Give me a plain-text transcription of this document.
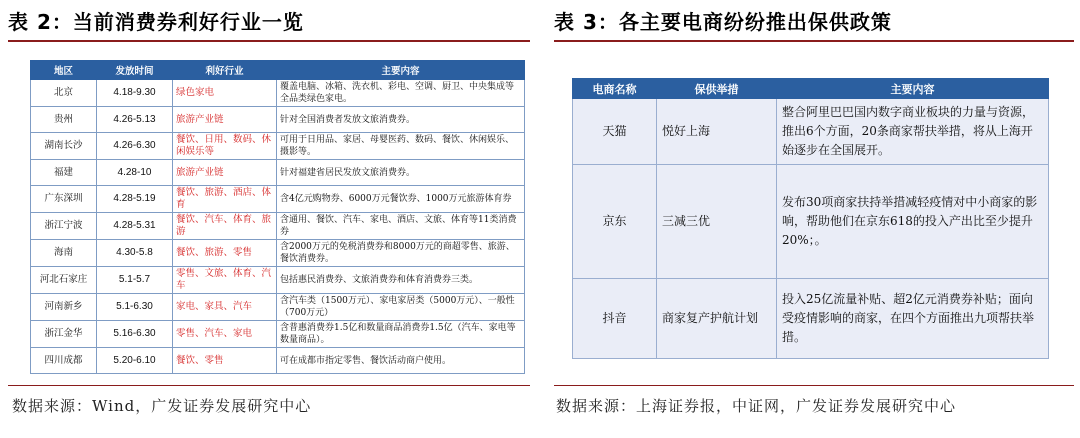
表 2：当前消费券利好行业一览
地区	发放时间	利好行业	主要内容
北京	4.18-9.30	绿色家电	覆盖电脑、冰箱、洗衣机、彩电、空调、厨卫、中央集成等全品类绿色家电。
贵州	4.26-5.13	旅游产业链	针对全国消费者发放文旅消费券。
湖南长沙	4.26-6.30	餐饮、日用、数码、休闲娱乐等	可用于日用品、家居、母婴医药、数码、餐饮、休闲娱乐、摄影等。
福建	4.28-10	旅游产业链	针对福建省居民发放文旅消费券。
广东深圳	4.28-5.19	餐饮、旅游、酒店、体育	含4亿元购物券、6000万元餐饮券、1000万元旅游体育券
浙江宁波	4.28-5.31	餐饮、汽车、体育、旅游	含通用、餐饮、汽车、家电、酒店、文旅、体育等11类消费券
海南	4.30-5.8	餐饮、旅游、零售	含2000万元的免税消费券和8000万元的商超零售、旅游、餐饮消费券。
河北石家庄	5.1-5.7	零售、文旅、体育、汽车	包括惠民消费券、文旅消费券和体育消费券三类。
河南新乡	5.1-6.30	家电、家具、汽车	含汽车类（1500万元）、家电家居类（5000万元）、一般性（700万元）
浙江金华	5.16-6.30	零售、汽车、家电	含普惠消费券1.5亿和数量商品消费券1.5亿（汽车、家电等数量商品）。
四川成都	5.20-6.10	餐饮、零售	可在成都市指定零售、餐饮活动商户使用。
数据来源：Wind，广发证券发展研究中心
表 3：各主要电商纷纷推出保供政策
电商名称	保供举措	主要内容
天猫	悦好上海	整合阿里巴巴国内数字商业板块的力量与资源，推出6个方面，20条商家帮扶举措，将从上海开始逐步在全国展开。
京东	三减三优	发布30项商家扶持举措减轻疫情对中小商家的影响，帮助他们在京东618的投入产出比至少提升20%；。
抖音	商家复产护航计划	投入25亿流量补贴、超2亿元消费券补贴；面向受疫情影响的商家，在四个方面推出九项帮扶举措。
数据来源：上海证券报，中证网，广发证券发展研究中心
